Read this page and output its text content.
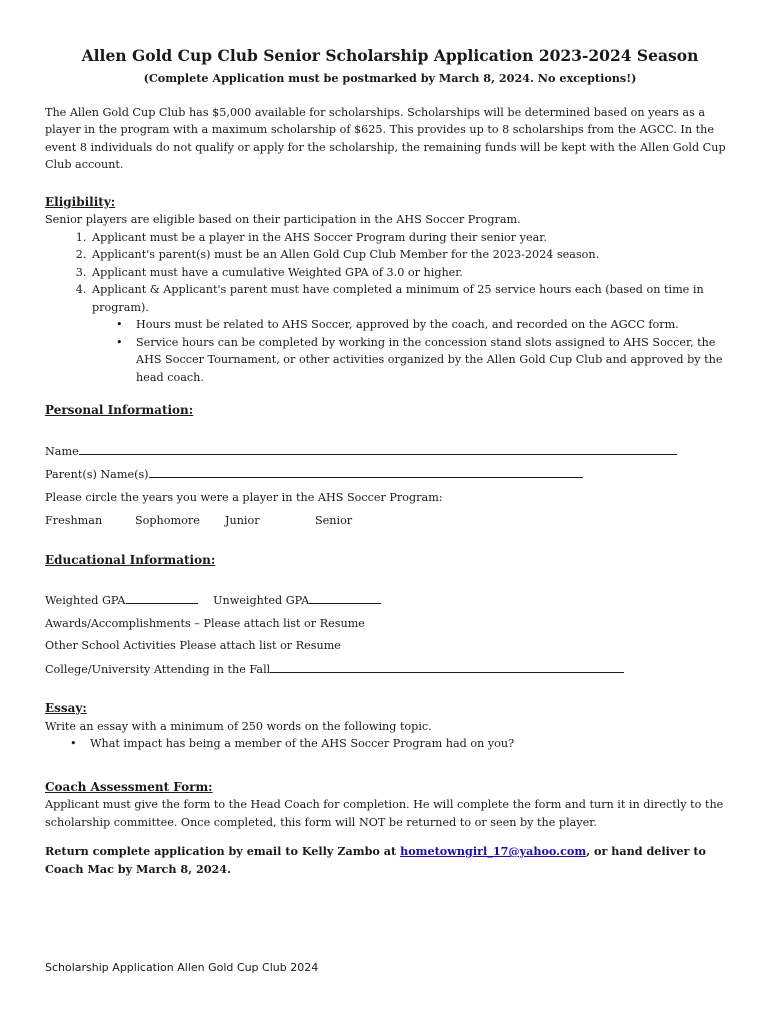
Allen Gold Cup Club Senior Scholarship Application 2023-2024 Season
(Complete Application must be postmarked by March 8, 2024. No exceptions!)

The Allen Gold Cup Club has $5,000 available for scholarships. Scholarships will be determined based on years as a player in the program with a maximum scholarship of $625. This provides up to 8 scholarships from the AGCC. In the event 8 individuals do not qualify or apply for the scholarship, the remaining funds will be kept with the Allen Gold Cup Club account.

Eligibility:
Senior players are eligible based on their participation in the AHS Soccer Program.
1. Applicant must be a player in the AHS Soccer Program during their senior year.
2. Applicant's parent(s) must be an Allen Gold Cup Club Member for the 2023-2024 season.
3. Applicant must have a cumulative Weighted GPA of 3.0 or higher.
4. Applicant & Applicant's parent must have completed a minimum of 25 service hours each (based on time in program).
• Hours must be related to AHS Soccer, approved by the coach, and recorded on the AGCC form.
• Service hours can be completed by working in the concession stand slots assigned to AHS Soccer, the AHS Soccer Tournament, or other activities organized by the Allen Gold Cup Club and approved by the head coach.
Personal Information:
Name
Parent(s) Name(s)
Please circle the years you were a player in the AHS Soccer Program:
Freshman	Sophomore Junior	Senior
Educational Information:
Weighted GPA	Unweighted GPA
Awards/Accomplishments – Please attach list or Resume
Other School Activities Please attach list or Resume
College/University Attending in the Fall
Essay:
Write an essay with a minimum of 250 words on the following topic.
• What impact has being a member of the AHS Soccer Program had on you?
Coach Assessment Form:
Applicant must give the form to the Head Coach for completion. He will complete the form and turn it in directly to the scholarship committee. Once completed, this form will NOT be returned to or seen by the player.
Return complete application by email to Kelly Zambo at hometowngirl_17@yahoo.com, or hand deliver to Coach Mac by March 8, 2024.
Scholarship Application Allen Gold Cup Club 2024
